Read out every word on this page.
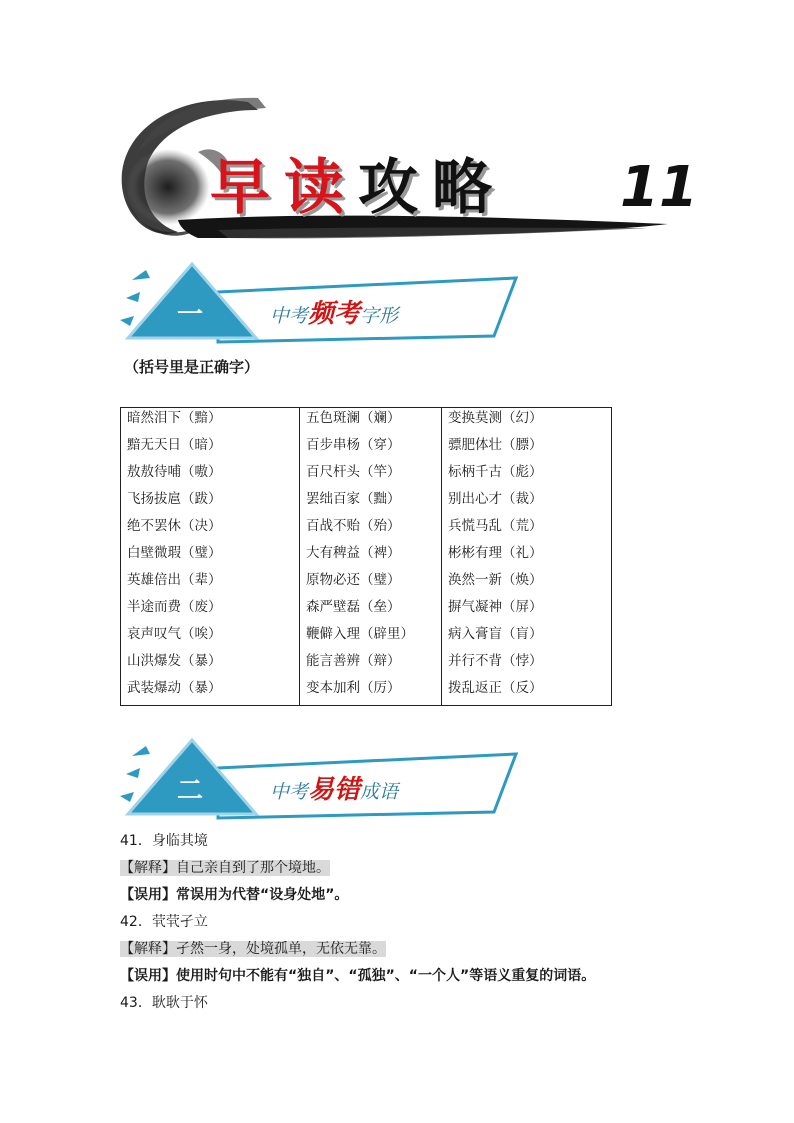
早读攻略 11
一	中考频考字形
（括号里是正确字）
暗然泪下（黯）	五色斑澜（斓）	变换莫测（幻）
黯无天日（暗）	百步串杨（穿）	骠肥体壮（膘）
敖敖待哺（嗷）	百尺杆头（竿）	标柄千古（彪）
飞扬拔扈（跋）	罢绌百家（黜）	别出心才（裁）
绝不罢休（决）	百战不贻（殆）	兵慌马乱（荒）
白壁微瑕（璧）	大有稗益（裨）	彬彬有理（礼）
英雄倍出（辈）	原物必还（璧）	涣然一新（焕）
半途而费（废）	森严壁磊（垒）	摒气凝神（屏）
哀声叹气（唉）	鞭僻入理（辟里）	病入膏盲（肓）
山洪爆发（暴）	能言善辨（辩）	并行不背（悖）
武装爆动（暴）	变本加利（厉）	拨乱返正（反）
二	中考易错成语
41．身临其境
【解释】自己亲自到了那个境地。
【误用】常误用为代替“设身处地”。
42．茕茕孑立
【解释】孑然一身，处境孤单，无依无靠。
【误用】使用时句中不能有“独自”、“孤独”、“一个人”等语义重复的词语。
43．耿耿于怀
